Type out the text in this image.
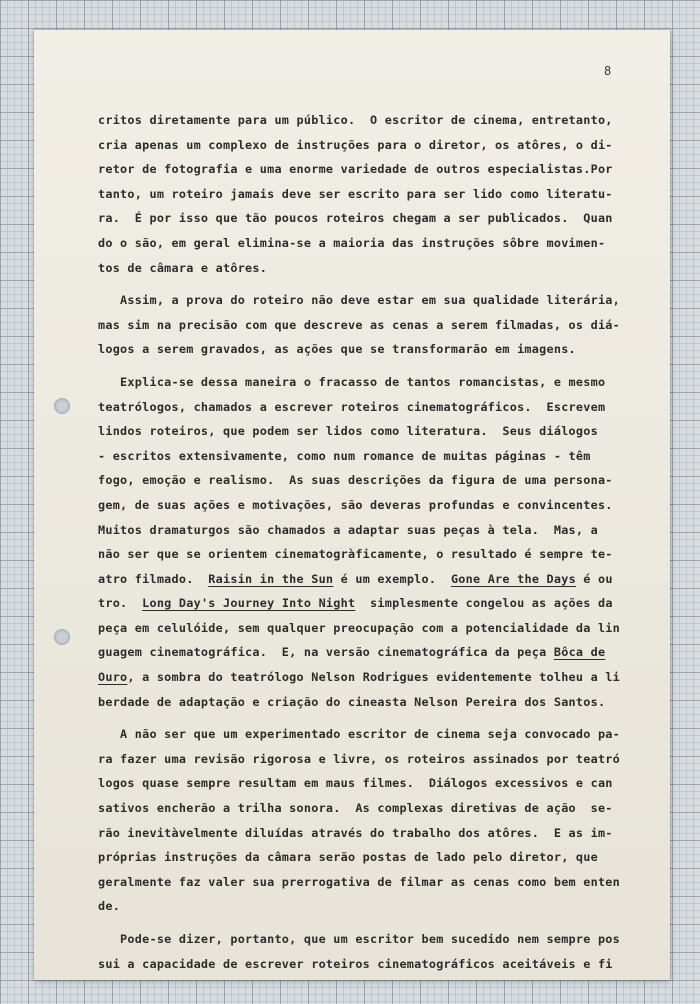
8
critos diretamente para um público.  O escritor de cinema, entretanto,
cria apenas um complexo de instruções para o diretor, os atôres, o di-
retor de fotografia e uma enorme variedade de outros especialistas.Por
tanto, um roteiro jamais deve ser escrito para ser lido como literatu-
ra.  É por isso que tão poucos roteiros chegam a ser publicados.  Quan
do o são, em geral elimina-se a maioria das instruções sôbre movimen-
tos de câmara e atôres.
Assim, a prova do roteiro não deve estar em sua qualidade literária,
mas sim na precisão com que descreve as cenas a serem filmadas, os diá-
logos a serem gravados, as ações que se transformarão em imagens.
Explica-se dessa maneira o fracasso de tantos romancistas, e mesmo
teatrólogos, chamados a escrever roteiros cinematográficos.  Escrevem
lindos roteiros, que podem ser lidos como literatura.  Seus diálogos
- escritos extensivamente, como num romance de muitas páginas - têm
fogo, emoção e realismo.  As suas descrições da figura de uma persona-
gem, de suas ações e motivações, são deveras profundas e convincentes.
Muitos dramaturgos são chamados a adaptar suas peças à tela.  Mas, a
não ser que se orientem cinematogràficamente, o resultado é sempre te-
atro filmado.  Raisin in the Sun é um exemplo.  Gone Are the Days é ou
tro.  Long Day's Journey Into Night  simplesmente congelou as ações da
peça em celulóide, sem qualquer preocupação com a potencialidade da lin
guagem cinematográfica.  E, na versão cinematográfica da peça Bôca de
Ouro, a sombra do teatrólogo Nelson Rodrigues evidentemente tolheu a li
berdade de adaptação e criação do cineasta Nelson Pereira dos Santos.
A não ser que um experimentado escritor de cinema seja convocado pa-
ra fazer uma revisão rigorosa e livre, os roteiros assinados por teatró
logos quase sempre resultam em maus filmes.  Diálogos excessivos e can
sativos encherão a trilha sonora.  As complexas diretivas de ação  se-
rão inevitàvelmente diluídas através do trabalho dos atôres.  E as im-
próprias instruções da câmara serão postas de lado pelo diretor, que
geralmente faz valer sua prerrogativa de filmar as cenas como bem enten
de.
Pode-se dizer, portanto, que um escritor bem sucedido nem sempre pos
sui a capacidade de escrever roteiros cinematográficos aceitáveis e fi
